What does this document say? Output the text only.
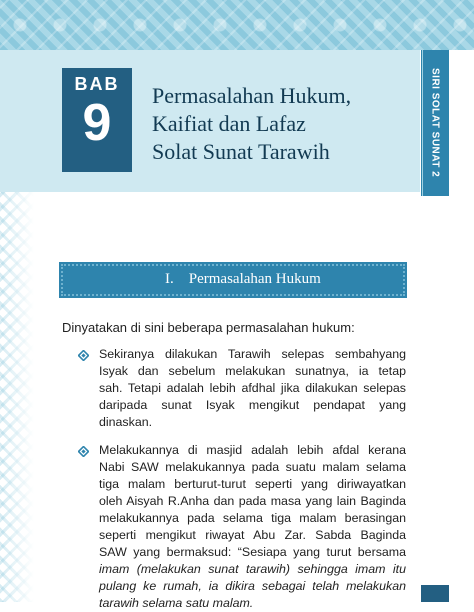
BAB
9	Permasalahan Hukum,
Kaifiat dan Lafaz
Solat Sunat Tarawih	SIRI SOLAT SUNAT 2
I. Permasalahan Hukum
Dinyatakan di sini beberapa permasalahan hukum:
Sekiranya dilakukan Tarawih selepas sembahyang
Isyak dan sebelum melakukan sunatnya, ia tetap
sah. Tetapi adalah lebih afdhal jika dilakukan selepas
daripada sunat Isyak mengikut pendapat yang
dinaskan.
Melakukannya di masjid adalah lebih afdal kerana
Nabi SAW melakukannya pada suatu malam selama
tiga malam berturut-turut seperti yang diriwayatkan
oleh Aisyah R.Anha dan pada masa yang lain Baginda
melakukannya pada selama tiga malam berasingan
seperti mengikut riwayat Abu Zar. Sabda Baginda
SAW yang bermaksud: “Sesiapa yang turut bersama
imam (melakukan sunat tarawih) sehingga imam itu
pulang ke rumah, ia dikira sebagai telah melakukan
tarawih selama satu malam.
